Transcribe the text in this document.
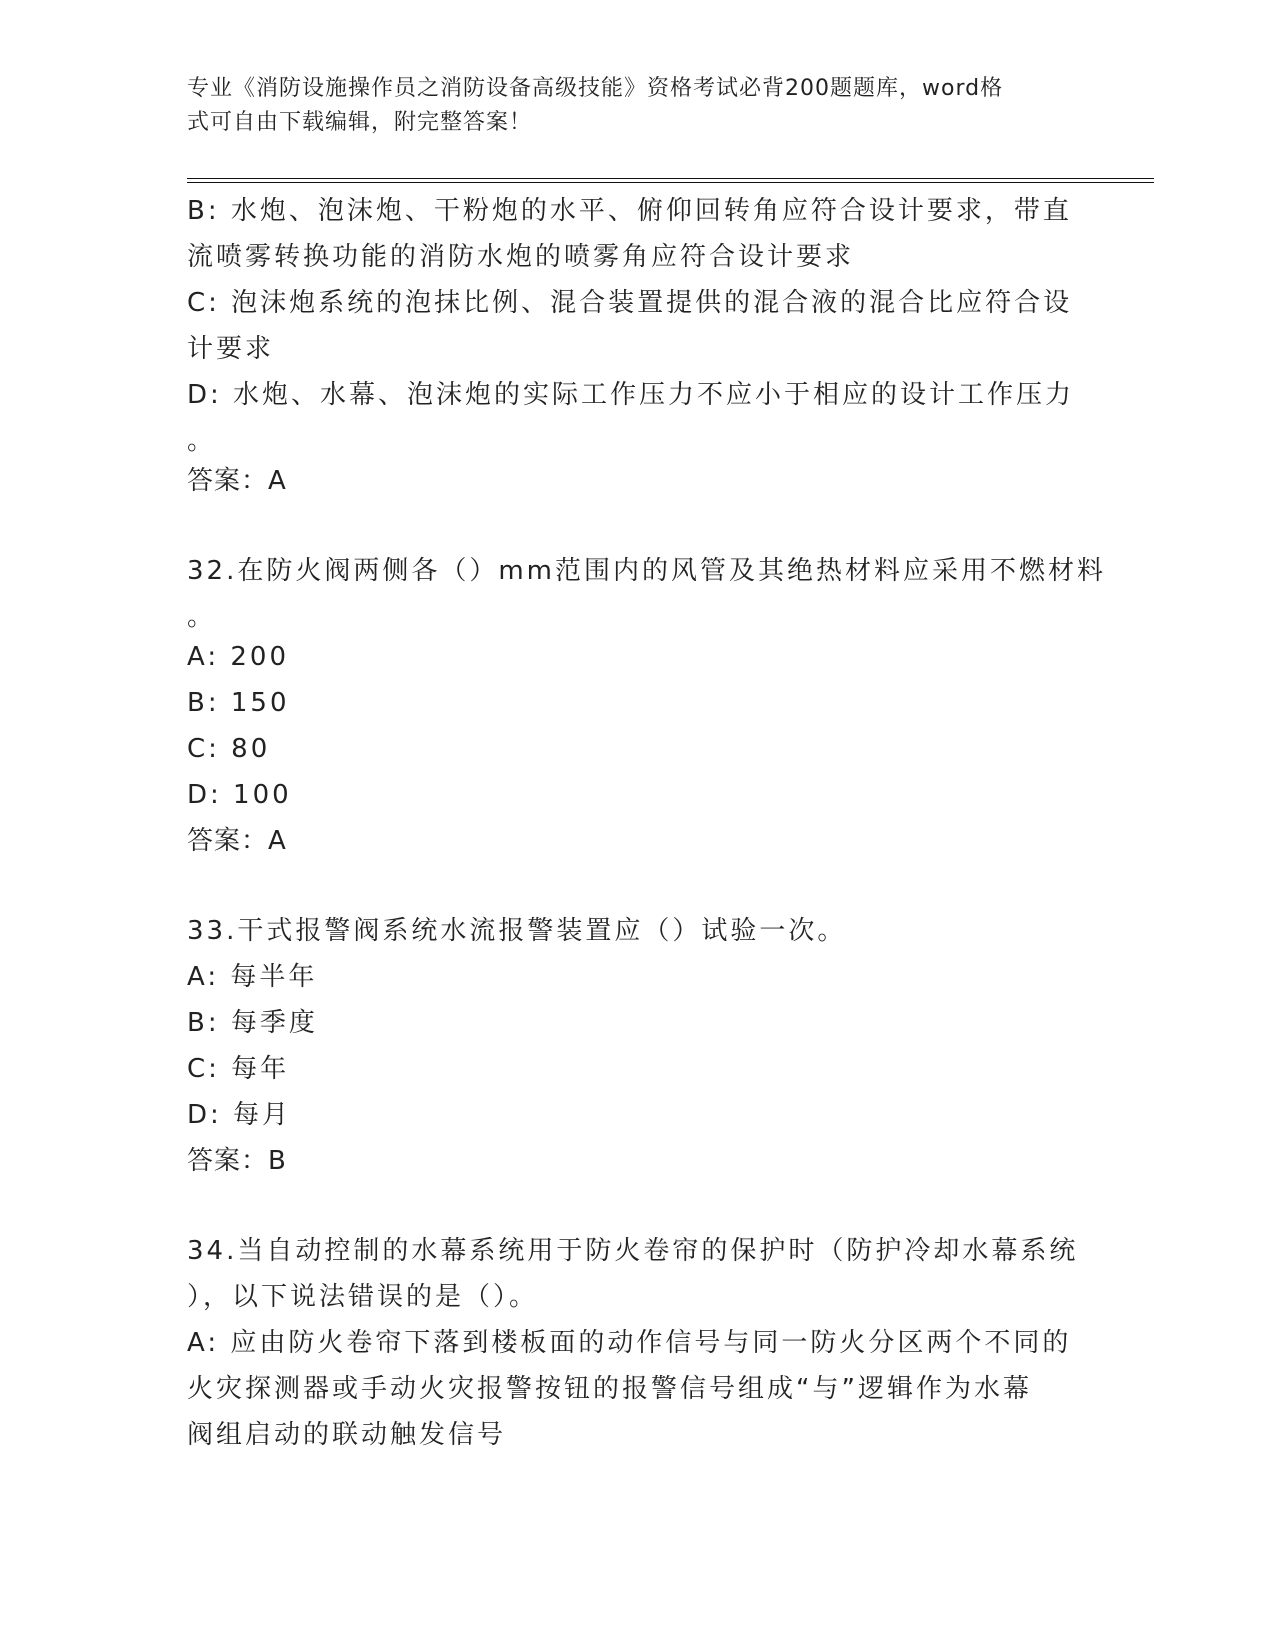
专业《消防设施操作员之消防设备高级技能》资格考试必背200题题库，word格
式可自由下载编辑，附完整答案！
B: 水炮、泡沫炮、干粉炮的水平、俯仰回转角应符合设计要求，带直
流喷雾转换功能的消防水炮的喷雾角应符合设计要求
C: 泡沫炮系统的泡抹比例、混合装置提供的混合液的混合比应符合设
计要求
D: 水炮、水幕、泡沫炮的实际工作压力不应小于相应的设计工作压力
。
答案：A
32.在防火阀两侧各（）mm范围内的风管及其绝热材料应采用不燃材料
。
A: 200
B: 150
C: 80
D: 100
答案：A
33.干式报警阀系统水流报警装置应（）试验一次。
A: 每半年
B: 每季度
C: 每年
D: 每月
答案：B
34.当自动控制的水幕系统用于防火卷帘的保护时（防护冷却水幕系统
），以下说法错误的是（）。
A: 应由防火卷帘下落到楼板面的动作信号与同一防火分区两个不同的
火灾探测器或手动火灾报警按钮的报警信号组成“与”逻辑作为水幕
阀组启动的联动触发信号
